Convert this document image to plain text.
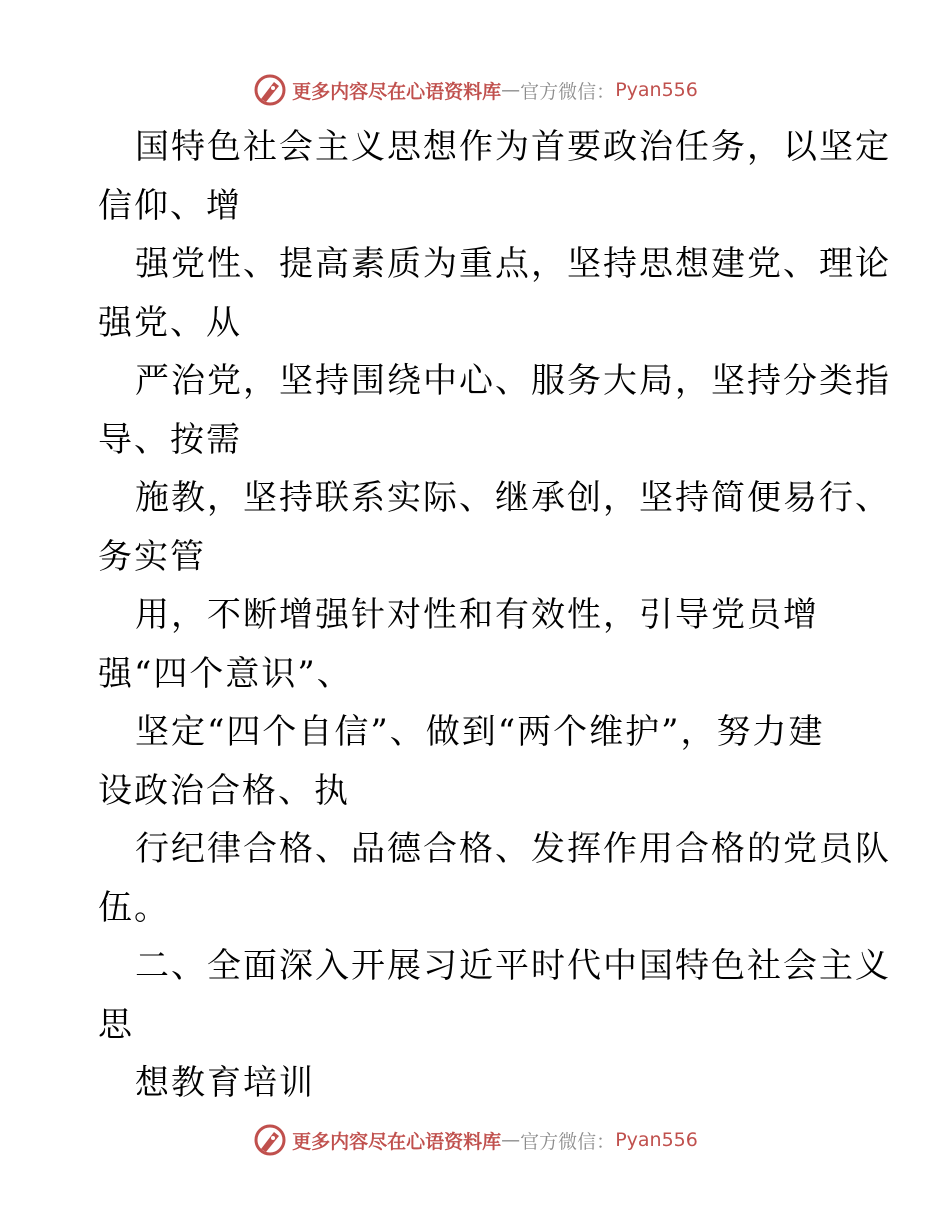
更多内容尽在心语资料库 — 官方微信： Pyan556
国特色社会主义思想作为首要政治任务，以坚定
信仰、增
强党性、提高素质为重点，坚持思想建党、理论
强党、从
严治党，坚持围绕中心、服务大局，坚持分类指
导、按需
施教，坚持联系实际、继承创，坚持简便易行、
务实管
用，不断增强针对性和有效性，引导党员增
强“四个意识”、
坚定“四个自信”、做到“两个维护”，努力建
设政治合格、执
行纪律合格、品德合格、发挥作用合格的党员队
伍。
二、全面深入开展习近平时代中国特色社会主义
思
想教育培训
更多内容尽在心语资料库 — 官方微信： Pyan556
